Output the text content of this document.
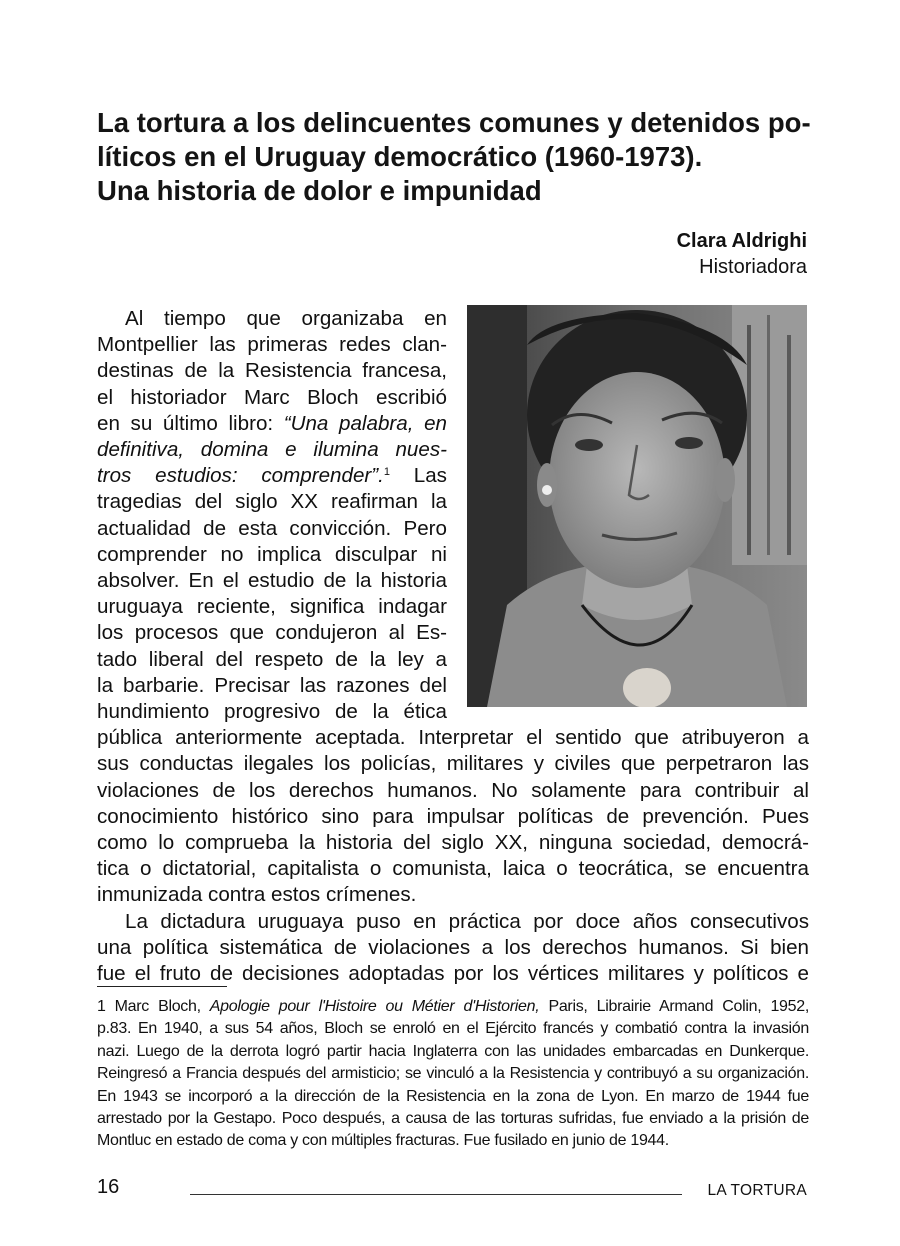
La tortura a los delincuentes comunes y detenidos po-
líticos en el Uruguay democrático (1960-1973).
Una historia de dolor e impunidad
Clara Aldrighi
Historiadora
Al tiempo que organizaba en
Montpellier las primeras redes clan-
destinas de la Resistencia francesa,
el historiador Marc Bloch escribió
en su último libro: “Una palabra, en
definitiva, domina e ilumina nues-
tros estudios: comprender”.$^1$ Las
tragedias del siglo XX reafirman la
actualidad de esta convicción. Pero
comprender no implica disculpar ni
absolver. En el estudio de la historia
uruguaya reciente, significa indagar
los procesos que condujeron al Es-
tado liberal del respeto de la ley a
la barbarie. Precisar las razones del
hundimiento progresivo de la ética
pública anteriormente aceptada. Interpretar el sentido que atribuyeron a
sus conductas ilegales los policías, militares y civiles que perpetraron las
violaciones de los derechos humanos. No solamente para contribuir al
conocimiento histórico sino para impulsar políticas de prevención. Pues
como lo comprueba la historia del siglo XX, ninguna sociedad, democrá-
tica o dictatorial, capitalista o comunista, laica o teocrática, se encuentra
inmunizada contra estos crímenes.
La dictadura uruguaya puso en práctica por doce años consecutivos
una política sistemática de violaciones a los derechos humanos. Si bien
fue el fruto de decisiones adoptadas por los vértices militares y políticos e
1 Marc Bloch, Apologie pour l'Histoire ou Métier d'Historien, Paris, Librairie Armand Colin, 1952,
p.83. En 1940, a sus 54 años, Bloch se enroló en el Ejército francés y combatió contra la invasión
nazi. Luego de la derrota logró partir hacia Inglaterra con las unidades embarcadas en Dunkerque.
Reingresó a Francia después del armisticio; se vinculó a la Resistencia y contribuyó a su organización.
En 1943 se incorporó a la dirección de la Resistencia en la zona de Lyon. En marzo de 1944 fue
arrestado por la Gestapo. Poco después, a causa de las torturas sufridas, fue enviado a la prisión de
Montluc en estado de coma y con múltiples fracturas. Fue fusilado en junio de 1944.
16	LA TORTURA
